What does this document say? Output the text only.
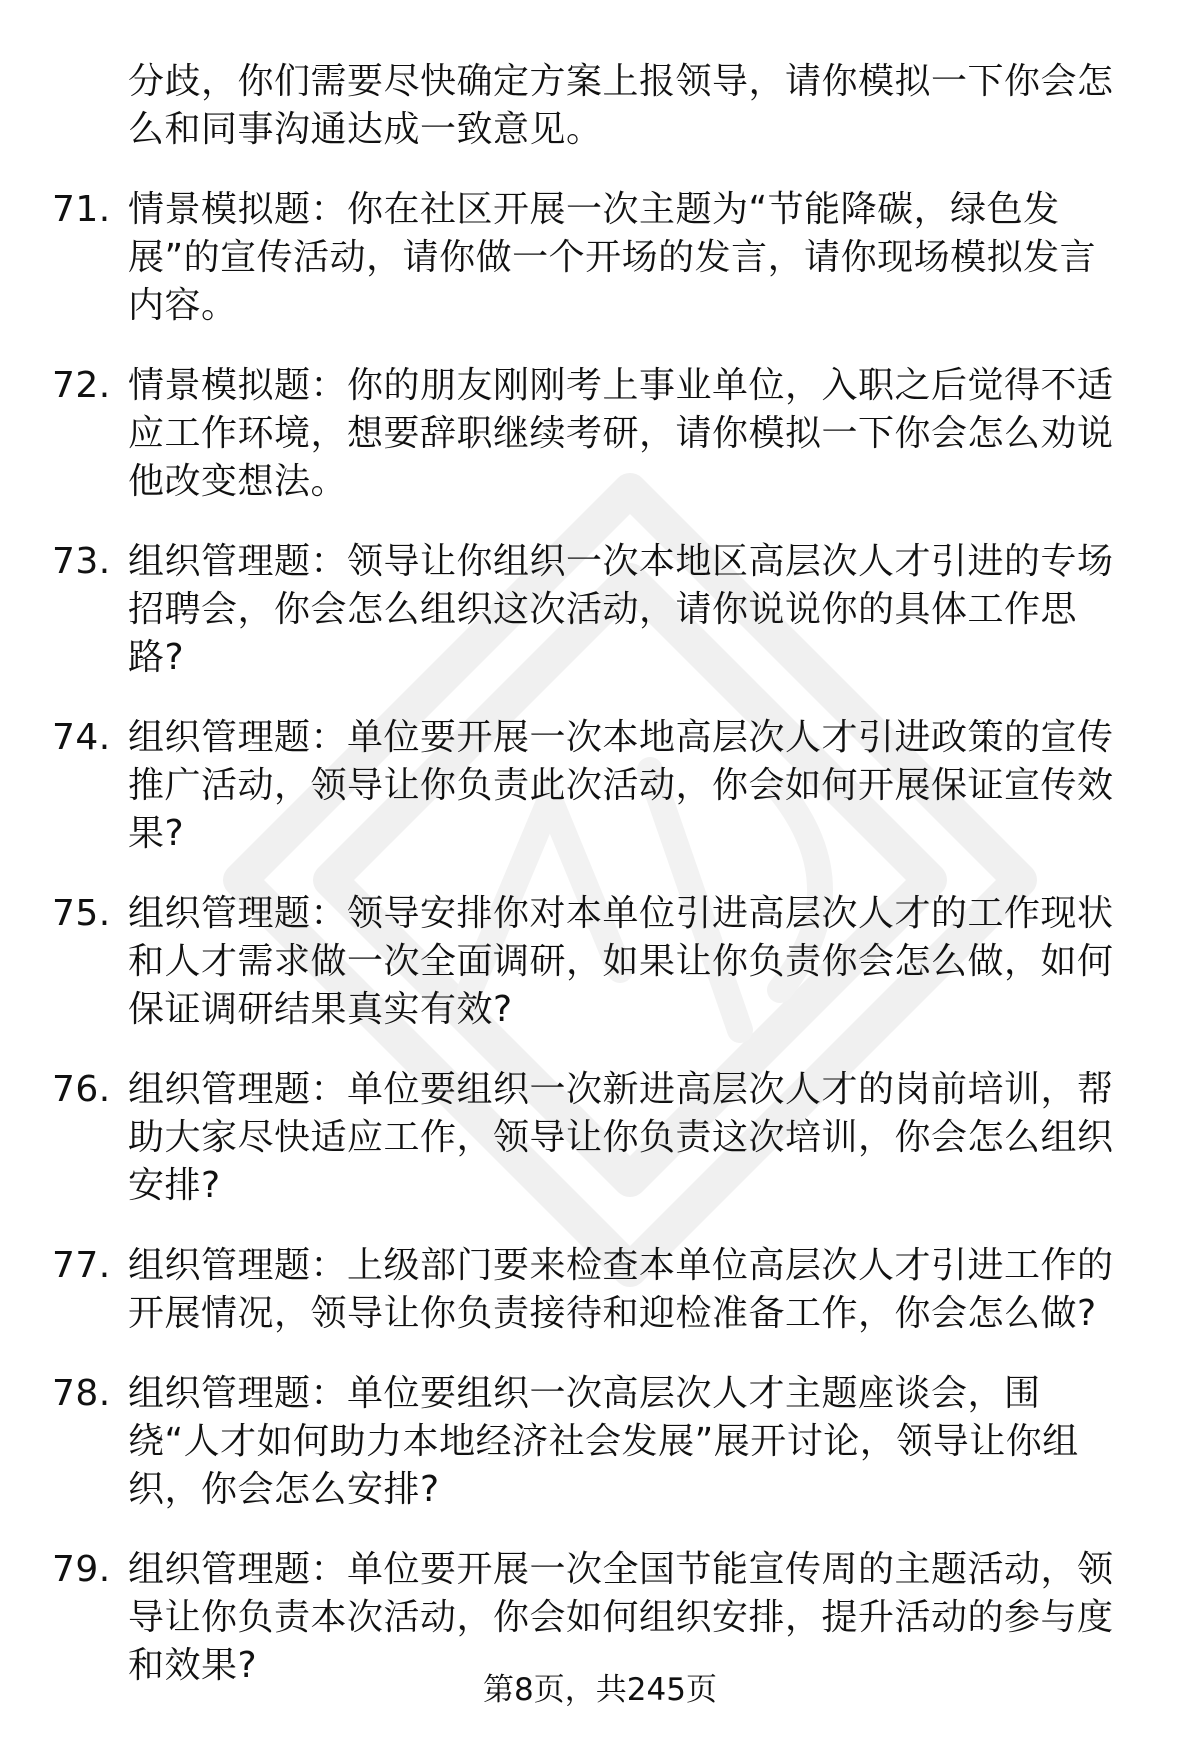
分歧，你们需要尽快确定方案上报领导，请你模拟一下你会怎么和同事沟通达成一致意见。

71. 情景模拟题：你在社区开展一次主题为“节能降碳，绿色发展”的宣传活动，请你做一个开场的发言，请你现场模拟发言内容。
72. 情景模拟题：你的朋友刚刚考上事业单位，入职之后觉得不适应工作环境，想要辞职继续考研，请你模拟一下你会怎么劝说他改变想法。
73. 组织管理题：领导让你组织一次本地区高层次人才引进的专场招聘会，你会怎么组织这次活动，请你说说你的具体工作思路?
74. 组织管理题：单位要开展一次本地高层次人才引进政策的宣传推广活动，领导让你负责此次活动，你会如何开展保证宣传效果?
75. 组织管理题：领导安排你对本单位引进高层次人才的工作现状和人才需求做一次全面调研，如果让你负责你会怎么做，如何保证调研结果真实有效?
76. 组织管理题：单位要组织一次新进高层次人才的岗前培训，帮助大家尽快适应工作，领导让你负责这次培训，你会怎么组织安排?
77. 组织管理题：上级部门要来检查本单位高层次人才引进工作的开展情况，领导让你负责接待和迎检准备工作，你会怎么做?
78. 组织管理题：单位要组织一次高层次人才主题座谈会，围绕“人才如何助力本地经济社会发展”展开讨论，领导让你组织，你会怎么安排?
79. 组织管理题：单位要开展一次全国节能宣传周的主题活动，领导让你负责本次活动，你会如何组织安排，提升活动的参与度和效果?
第8页，共245页
